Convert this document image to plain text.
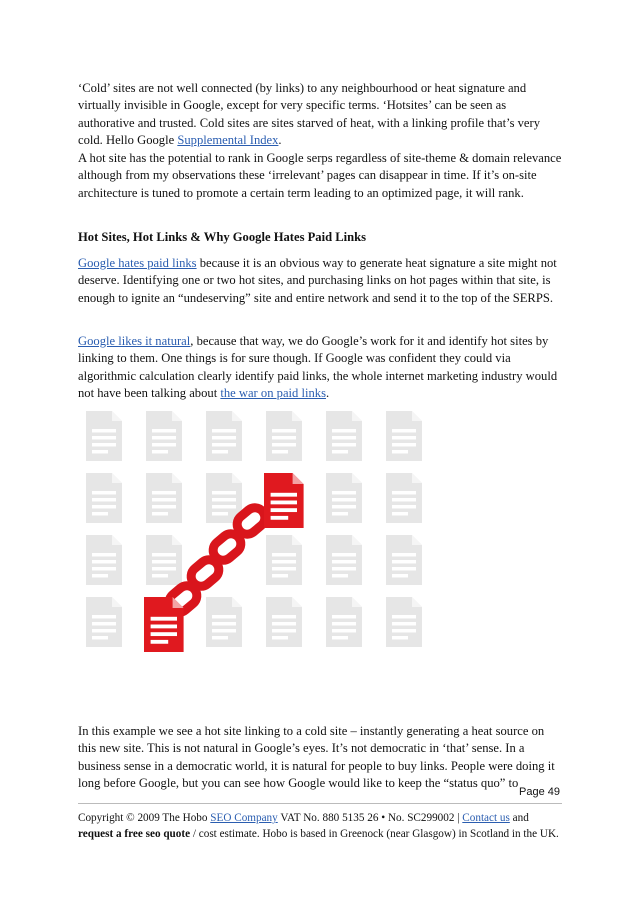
‘Cold’ sites are not well connected (by links) to any neighbourhood or heat signature and virtually invisible in Google, except for very specific terms. ‘Hotsites’ can be seen as authorative and trusted. Cold sites are sites starved of heat, with a linking profile that’s very cold. Hello Google Supplemental Index.

A hot site has the potential to rank in Google serps regardless of site-theme & domain relevance although from my observations these ‘irrelevant’ pages can disappear in time. If it’s on-site architecture is tuned to promote a certain term leading to an optimized page, it will rank.

Hot Sites, Hot Links & Why Google Hates Paid Links

Google hates paid links because it is an obvious way to generate heat signature a site might not deserve. Identifying one or two hot sites, and purchasing links on hot pages within that site, is enough to ignite an “undeserving” site and entire network and send it to the top of the SERPS.

Google likes it natural, because that way, we do Google’s work for it and identify hot sites by linking to them. One things is for sure though. If Google was confident they could via algorithmic calculation clearly identify paid links, the whole internet marketing industry would not have been talking about the war on paid links.

In this example we see a hot site linking to a cold site – instantly generating a heat source on this new site. This is not natural in Google’s eyes. It’s not democratic in ‘that’ sense. In a business sense in a democratic world, it is natural for people to buy links. People were doing it long before Google, but you can see how Google would like to keep the “status quo” to

Page 49

Copyright © 2009 The Hobo SEO Company VAT No. 880 5135 26 • No. SC299002 | Contact us and request a free seo quote / cost estimate. Hobo is based in Greenock (near Glasgow) in Scotland in the UK.
